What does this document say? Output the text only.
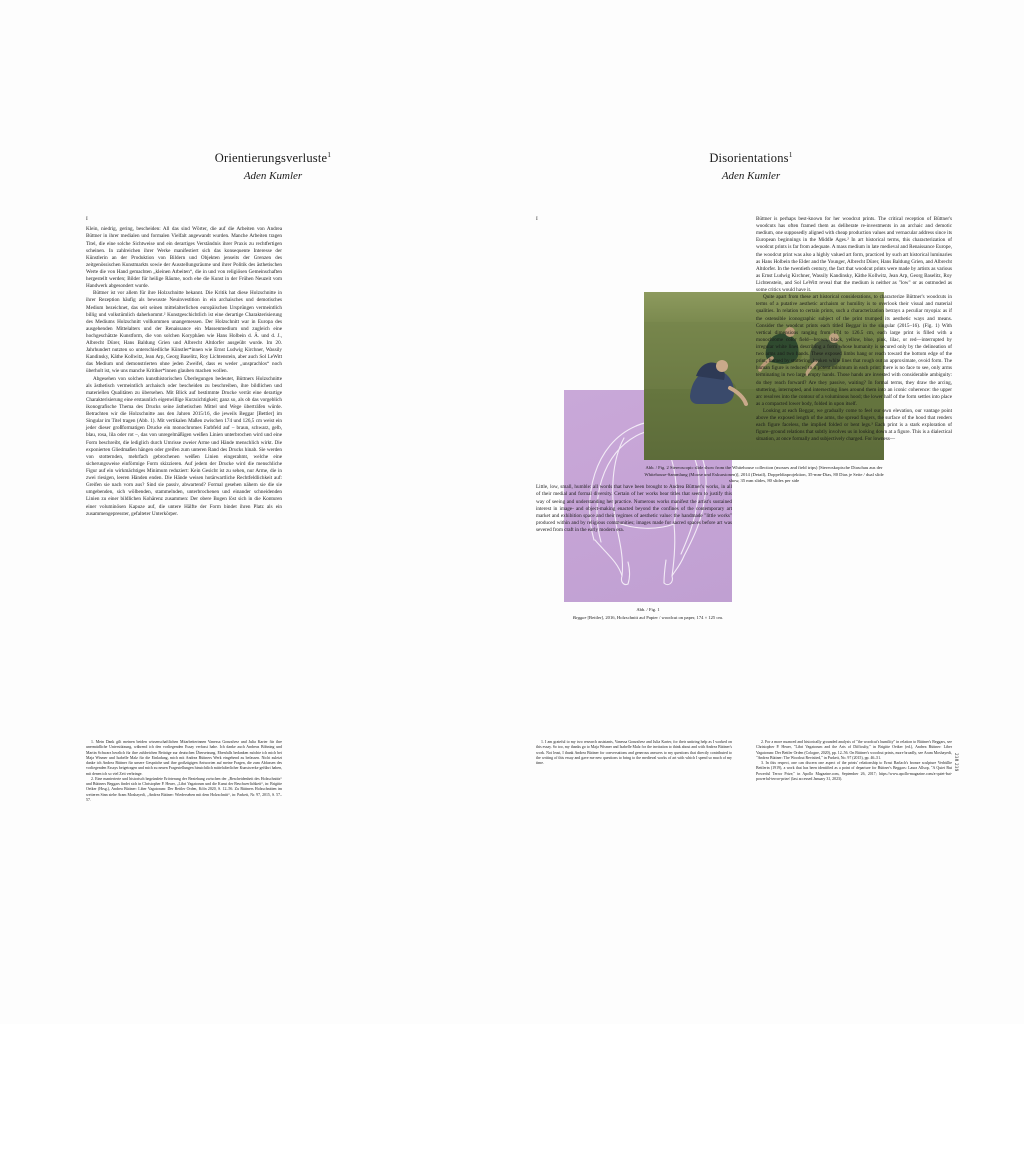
Orientierungsverluste$^1$

Aden Kumler

I

Klein, niedrig, gering, bescheiden: All das sind Wörter, die auf die Arbeiten von Andrea Büttner in ihrer medialen und formalen Vielfalt angewandt wurden. Manche Arbeiten tragen Titel, die eine solche Sichtweise und ein derartiges Verständnis ihrer Praxis zu rechtfertigen scheinen. In zahlreichen ihrer Werke manifestiert sich das konsequente Interesse der Künstlerin an der Produktion von Bildern und Objekten jenseits der Grenzen des zeitgenössischen Kunstmarkts sowie der Ausstellungsräume und ihrer Politik des ästhetischen Werte die von Hand gemachten „kleinen Arbeiten“, die in und von religiösen Gemeinschaften hergestellt werden; Bilder für heilige Räume, noch ehe die Kunst in der Frühen Neuzeit vom Handwerk abgesondert wurde.

Büttner ist vor allem für ihre Holzschnitte bekannt. Die Kritik hat diese Holzschnitte in ihrer Rezeption häufig als bewusste Neuinvestition in ein archaisches und demotisches Medium bezeichnet, das seit seinen mittelalterlichen europäischen Ursprüngen vermeintlich billig und volkstümlich daherkommt.² Kunstgeschichtlich ist eine derartige Charakterisierung des Mediums Holzschnitt vollkommen unangemessen. Der Holzschnitt war in Europa des ausgehenden Mittelalters und der Renaissance ein Massenmedium und zugleich eine hochgeschätzte Kunstform, die von solchen Koryphäen wie Hans Holbein d. Ä. und d. J., Albrecht Dürer, Hans Baldung Grien und Albrecht Altdorfer ausgeübt wurde. Im 20. Jahrhundert nutzten so unterschiedliche Künstler*innen wie Ernst Ludwig Kirchner, Wassily Kandinsky, Käthe Kollwitz, Jean Arp, Georg Baselitz, Roy Lichtenstein, aber auch Sol LeWitt das Medium und demonstrierten ohne jeden Zweifel, dass es weder „unsprachlos“ noch überholt ist, wie uns manche Kritiker*innen glauben machen wollen.

Abgesehen von solchen kunsthistorischen Überlegungen bedeutet, Büttners Holzschnitte als ästhetisch vermeintlich archaisch oder bescheiden zu beschreiben, ihre bildlichen und materiellen Qualitäten zu übersehen. Mit Blick auf bestimmte Drucke verrät eine derartige Charakterisierung eine erstaunlich eigenwillige Kurzsichtigkeit; ganz so, als ob das vorgeblich ikonografische Thema des Drucks seine ästhetischen Mittel und Wege überträfen würde. Betrachten wir die Holzschnitte aus den Jahren 2015/16, die jeweils Beggar [Bettler] im Singular im Titel tragen (Abb. 1). Mit vertikalen Maßen zwischen 174 und 126,5 cm weist ein jeder dieser großformatigen Drucke ein monochromes Farbfeld auf – braun, schwarz, gelb, blau, rosa, lila oder rot –, das von unregelmäßigen weißen Linien unterbrochen wird und eine Form beschreibt, die lediglich durch Umrisse zweier Arme und Hände menschlich wirkt. Die exponierten Gliedmaßen hängen oder greifen zum unteren Rand des Drucks hinab. Sie werden von stotternden, mehrfach gebrochenen weißen Linien eingerahmt, welche eine sicherungsweise einförmige Form skizzieren. Auf jedem der Drucke wird die menschliche Figur auf ein wirkmächtiges Minimum reduziert: Kein Gesicht ist zu sehen, nur Arme, die in zwei riesigen, leeren Händen enden. Die Hände weisen hotärwartliche Rechtfeldlichkeit auf: Greifen sie nach vorn aus? Sind sie passiv, abwartend? Formal gesehen nähern sie die sie umgebenden, sich wölbenden, stammelnden, unterbrochenen und einander schneidenden Linien zu einer bildlichen Kohärenz zusammen: Der obere Bogen löst sich in die Konturen einer voluminösen Kapuze auf, die untere Hälfte der Form bindet ihren Platz als ein zusammengepresster, gefalteter Unterkörper.

Abb. / Fig. 1
Beggar [Bettler], 2016, Holzschnitt auf Papier / woodcut on paper, 174 × 125 cm.

1. Mein Dank gilt meinen beiden wissenschaftlichen Mitarbeiterinnen Vanessa Gonzalvez und Julia Karter für ihre unermüdliche Unterstützung, während ich den vorliegenden Essay verfasst habe. Ich danke auch Andreas Böhning und Martin Schwarz herzlich für ihre zahlreichen Beiträge zur deutschen Übersetzung. Ebenfalls bedanken möchte ich mich bei Maja Wismer und Isabelle Malz für die Einladung, mich mit Andrea Büttners Werk eingehend zu befassen. Nicht zuletzt danke ich Andrea Büttner für unsere Gespräche und ihre großzügigen Antworten auf meine Fragen, die zum Abfassen des vorliegenden Essays beigetragen und mich zu neuen Fragestellungen hinsichtlich mittelalterlicher Kunstwerke geführt haben, mit denen ich so viel Zeit verbringe.

2. Eine manierierte und historisch begründete Erörterung der Beziehung zwischen der „Bescheidenheit des Holzschnitts“ und Büttners Beggars findet sich in Christopher P. Heuer, „Libri Vagatorum und die Kunst der Beschwerlichkeit“, in: Brigitte Oetker (Hrsg.), Andrea Büttner: Liber Vagatorum: Der Bettler Orden, Köln 2020, S. 12–56. Zu Büttners Holzschnitten im weiteren Sinn siehe Aram Moshayedi, „Andrea Büttner: Wiedersehen mit dem Holzschnitt“, in: Parkett, Nr. 97, 2015, S. 57–57.

Disorientations$^1$

Aden Kumler

I
Abb. / Fig. 2 Stereoscopic slide show from the Whitehouse collection (mosses and field trips) [Stereoskopische Diaschau aus der Whitehouse-Sammlung (Moose und Exkursionen)], 2014 (Detail), Doppeldiaprojektion, 35-mm-Dias, 80 Dias je Seite / dual slide show, 35 mm slides, 80 slides per side

Little, low, small, humble: all words that have been brought to Andrea Büttner's works, in all of their medial and formal diversity. Certain of her works bear titles that seem to justify this way of seeing and understanding her practice. Numerous works manifest the artist's sustained interest in image- and object-making enacted beyond the confines of the contemporary art market and exhibition space and their regimes of aesthetic value: the handmade "little works" produced within and by religious communities; images made for sacred spaces before art was severed from craft in the early modern era.

Büttner is perhaps best-known for her woodcut prints. The critical reception of Büttner's woodcuts has often framed them as deliberate re-investments in an archaic and demotic medium, one supposedly aligned with cheap production values and vernacular address since its European beginnings in the Middle Ages.² In art historical terms, this characterization of woodcut prints is far from adequate. A mass medium in late medieval and Renaissance Europe, the woodcut print was also a highly valued art form, practiced by such art historical luminaries as Hans Holbein the Elder and the Younger, Albrecht Dürer, Hans Baldung Grien, and Albrecht Altdorfer. In the twentieth century, the fact that woodcut prints were made by artists as various as Ernst Ludwig Kirchner, Wassily Kandinsky, Käthe Kollwitz, Jean Arp, Georg Baselitz, Roy Lichtenstein, and Sol LeWitt reveal that the medium is neither as "low" or as outmoded as some critics would have it.

Quite apart from these art historical considerations, to characterize Büttner's woodcuts in terms of a putative aesthetic archaism or humility is to overlook their visual and material qualities. In relation to certain prints, such a characterization betrays a peculiar myopia: as if the ostensible iconographic subject of the print trumped its aesthetic ways and means. Consider the woodcut prints each titled Beggar in the singular (2015–16). (Fig. 1) With vertical dimensions ranging from 174 to 126.5 cm, each large print is filled with a monochrome color field—brown, black, yellow, blue, pink, lilac, or red—interrupted by irregular white lines describing a form whose humanity is secured only by the delineation of two arms and two hands. These exposed limbs hang or reach toward the bottom edge of the print, framed by stuttering, broken white lines that rough out an approximate, ovoid form. The human figure is reduced to a potent minimum in each print: there is no face to see, only arms terminating in two large empty hands. Those hands are invested with considerable ambiguity: do they reach forward? Are they passive, waiting? In formal terms, they draw the arcing, stuttering, interrupted, and intersecting lines around them into an iconic coherence: the upper arc resolves into the contour of a voluminous hood; the lower half of the form settles into place as a compacted lower body, folded in upon itself.

Looking at each Beggar, we gradually come to feel our own elevation, our vantage point above the exposed length of the arms, the spread fingers, the surface of the hood that renders each figure faceless, the implied folded or bent legs.³ Each print is a stark exploration of figure–ground relations that subtly involves us in looking down at a figure. This is a dialectical situation, at once formally and subjectively charged. For lowness—

1. I am grateful to my two research assistants, Vanessa Gonzalvez and Julia Karter, for their untiring help as I worked on this essay. So too, my thanks go to Maja Wismer and Isabelle Malz for the invitation to think about and with Andrea Büttner's work. Not least, I thank Andrea Büttner for conversations and generous answers to my questions that directly contributed to the writing of this essay and gave me new questions to bring to the medieval works of art with which I spend so much of my time.

2. For a more nuanced and historically grounded analysis of "the woodcut's humility" in relation to Büttner's Beggars, see Christopher P. Heuer, "Libri Vagatorum and the Arts of Difficulty," in Brigitte Oetker (ed.), Andrea Büttner: Liber Vagatorum: Der Bettler Orden (Cologne, 2020), pp. 12–56. On Büttner's woodcut prints, more broadly, see Aram Moshayedi, "Andrea Büttner: The Woodcut Revisited," in Parkett, No. 97 (2015), pp. 46–51.

3. In this respect, one can discern one aspect of the prints' relationship to Ernst Barlach's bronze sculpture Verhüllte Bettlerin (1919), a work that has been identified as a point of departure for Büttner's Beggars: Laura Allsop, "A Quiet But Powerful Terror Prize," in Apollo Magazine.com, September 26, 2017; https://www.apollo-magazine.com/a-quiet-but-powerful-terror-prize/ (last accessed January 31, 2023).

238 239
